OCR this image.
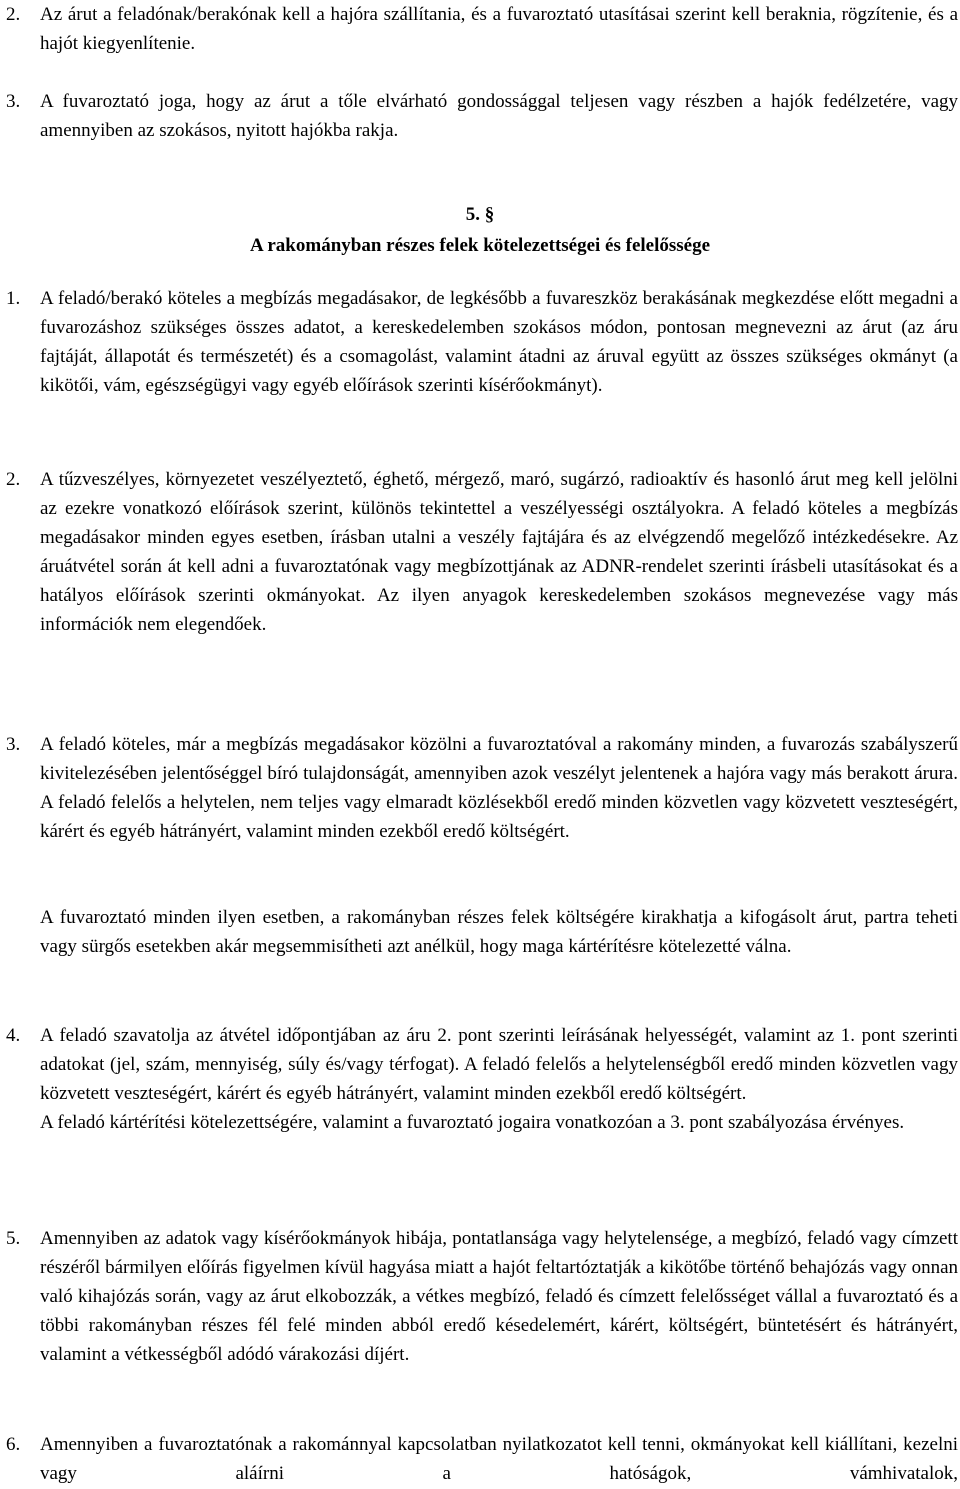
2.	Az árut a feladónak/berakónak kell a hajóra szállítania, és a fuvaroztató utasításai szerint kell beraknia, rögzítenie, és a hajót kiegyenlítenie.
3.	A fuvaroztató joga, hogy az árut a tőle elvárható gondossággal teljesen vagy részben a hajók fedélzetére, vagy amennyiben az szokásos, nyitott hajókba rakja.
5. §
A rakományban részes felek kötelezettségei és felelőssége
1.	A feladó/berakó köteles a megbízás megadásakor, de legkésőbb a fuvareszköz berakásának megkezdése előtt megadni a fuvarozáshoz szükséges összes adatot, a kereskedelemben szokásos módon, pontosan megnevezni az árut (az áru fajtáját, állapotát és természetét) és a csomagolást, valamint átadni az áruval együtt az összes szükséges okmányt (a kikötői, vám, egészségügyi vagy egyéb előírások szerinti kísérőokmányt).
2.	A tűzveszélyes, környezetet veszélyeztető, éghető, mérgező, maró, sugárzó, radioaktív és hasonló árut meg kell jelölni az ezekre vonatkozó előírások szerint, különös tekintettel a veszélyességi osztályokra. A feladó köteles a megbízás megadásakor minden egyes esetben, írásban utalni a veszély fajtájára és az elvégzendő megelőző intézkedésekre. Az áruátvétel során át kell adni a fuvaroztatónak vagy megbízottjának az ADNR-rendelet szerinti írásbeli utasításokat és a hatályos előírások szerinti okmányokat. Az ilyen anyagok kereskedelemben szokásos megnevezése vagy más információk nem elegendőek.
3.	A feladó köteles, már a megbízás megadásakor közölni a fuvaroztatóval a rakomány minden, a fuvarozás szabályszerű kivitelezésében jelentőséggel bíró tulajdonságát, amennyiben azok veszélyt jelentenek a hajóra vagy más berakott árura. A feladó felelős a helytelen, nem teljes vagy elmaradt közlésekből eredő minden közvetlen vagy közvetett veszteségért, kárért és egyéb hátrányért, valamint minden ezekből eredő költségért.
A fuvaroztató minden ilyen esetben, a rakományban részes felek költségére kirakhatja a kifogásolt árut, partra teheti vagy sürgős esetekben akár megsemmisítheti azt anélkül, hogy maga kártérítésre kötelezetté válna.
4.	A feladó szavatolja az átvétel időpontjában az áru 2. pont szerinti leírásának helyességét, valamint az 1. pont szerinti adatokat (jel, szám, mennyiség, súly és/vagy térfogat). A feladó felelős a helytelenségből eredő minden közvetlen vagy közvetett veszteségért, kárért és egyéb hátrányért, valamint minden ezekből eredő költségért.

A feladó kártérítési kötelezettségére, valamint a fuvaroztató jogaira vonatkozóan a 3. pont szabályozása érvényes.

5.	Amennyiben az adatok vagy kísérőokmányok hibája, pontatlansága vagy helytelensége, a megbízó, feladó vagy címzett részéről bármilyen előírás figyelmen kívül hagyása miatt a hajót feltartóztatják a kikötőbe történő behajózás vagy onnan való kihajózás során, vagy az árut elkobozzák, a vétkes megbízó, feladó és címzett felelősséget vállal a fuvaroztató és a többi rakományban részes fél felé minden abból eredő késedelemért, kárért, költségért, büntetésért és hátrányért, valamint a vétkességből adódó várakozási díjért.
6.	Amennyiben a fuvaroztatónak a rakománnyal kapcsolatban nyilatkozatot kell tenni, okmányokat kell kiállítani, kezelni vagy aláírni a hatóságok, vámhivatalok,
